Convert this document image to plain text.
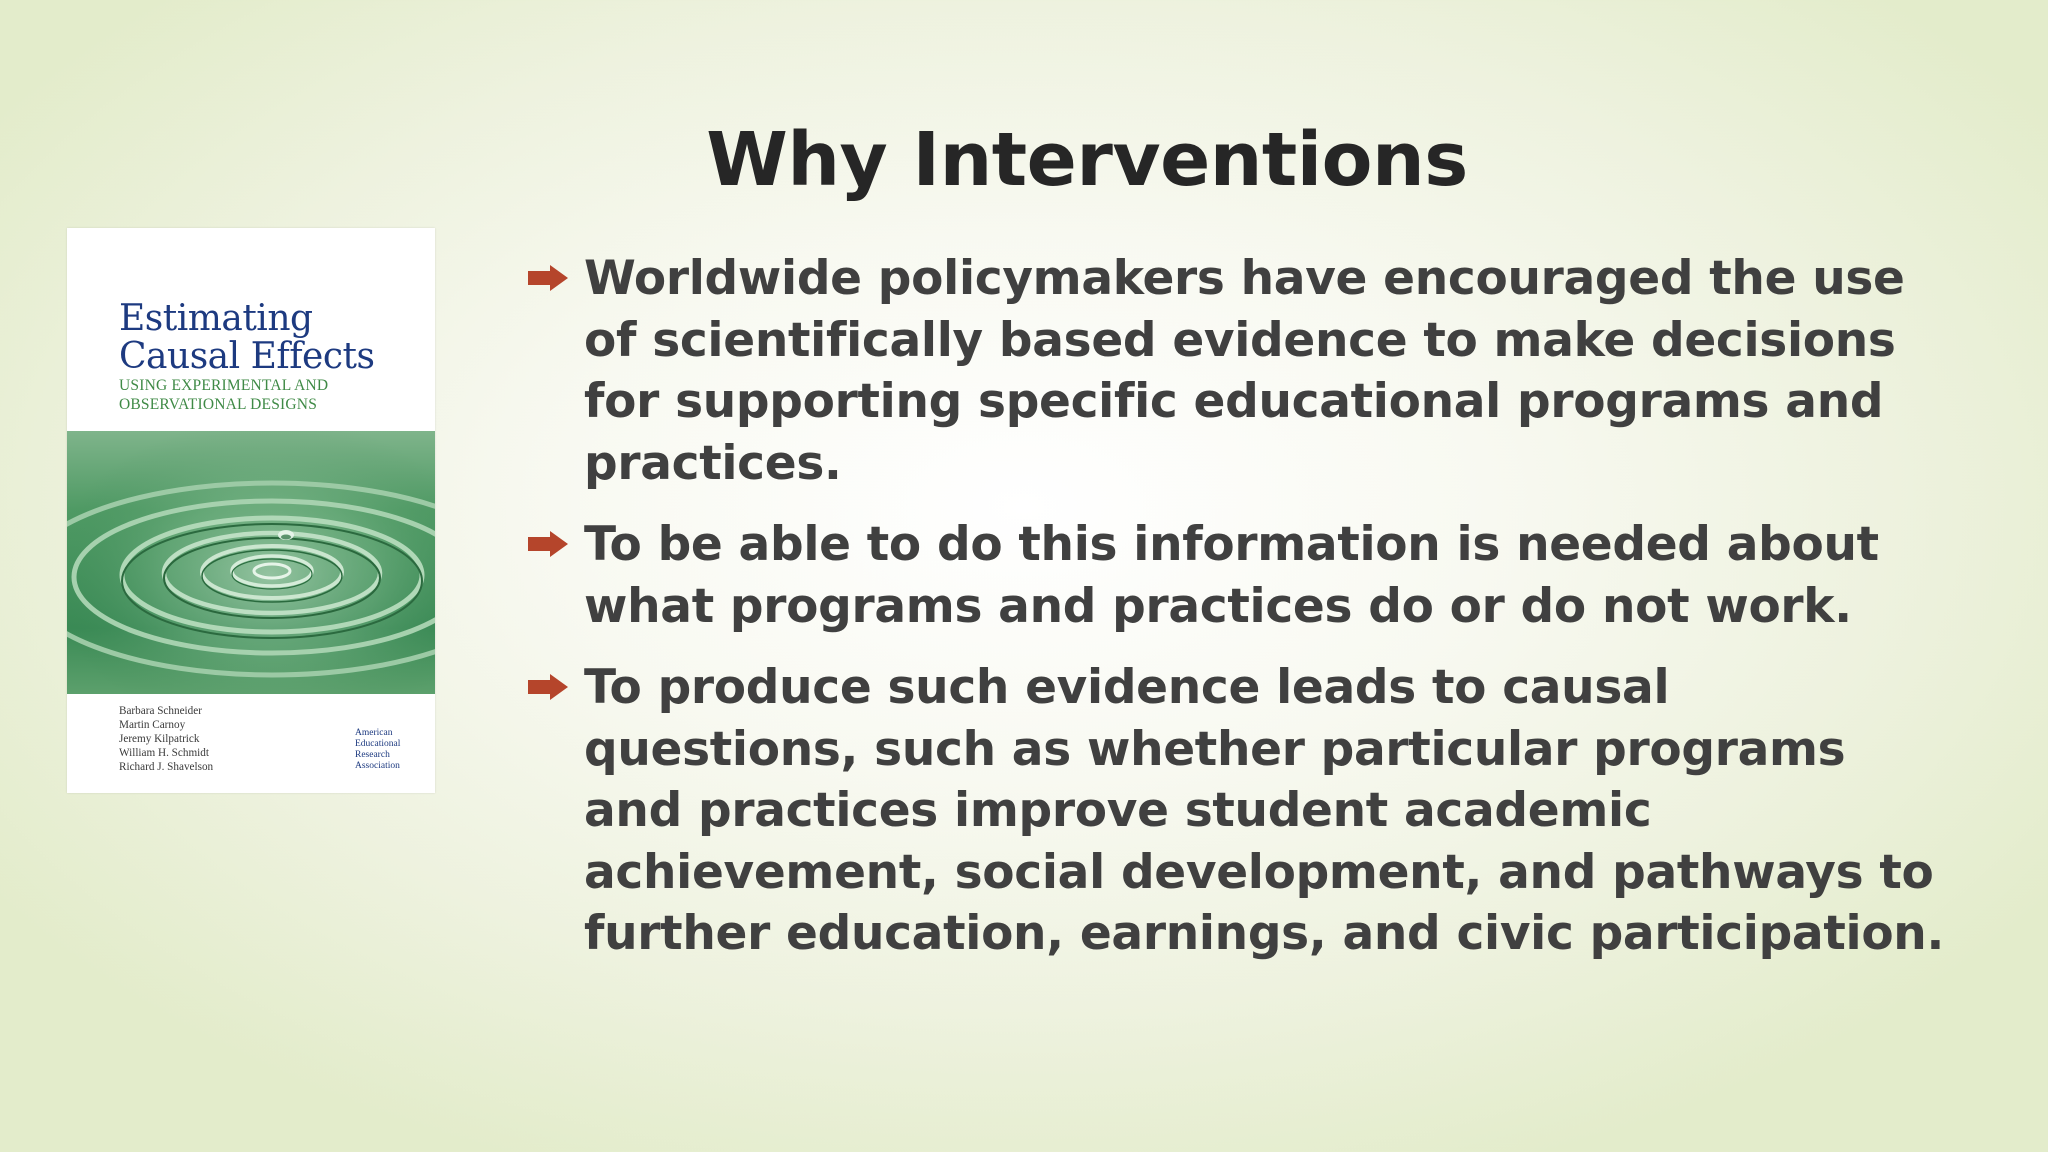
Why Interventions
Estimating
Causal Effects
USING EXPERIMENTAL AND
OBSERVATIONAL DESIGNS
Barbara Schneider
Martin Carnoy
Jeremy Kilpatrick
William H. Schmidt
Richard J. Shavelson
American
Educational
Research
Association
Worldwide policymakers have encouraged the use of scientifically based evidence to make decisions for supporting specific educational programs and practices.
To be able to do this information is needed about what programs and practices do or do not work.
To produce such evidence leads to causal questions, such as whether particular programs and practices improve student academic achievement, social development, and pathways to further education, earnings, and civic participation.
